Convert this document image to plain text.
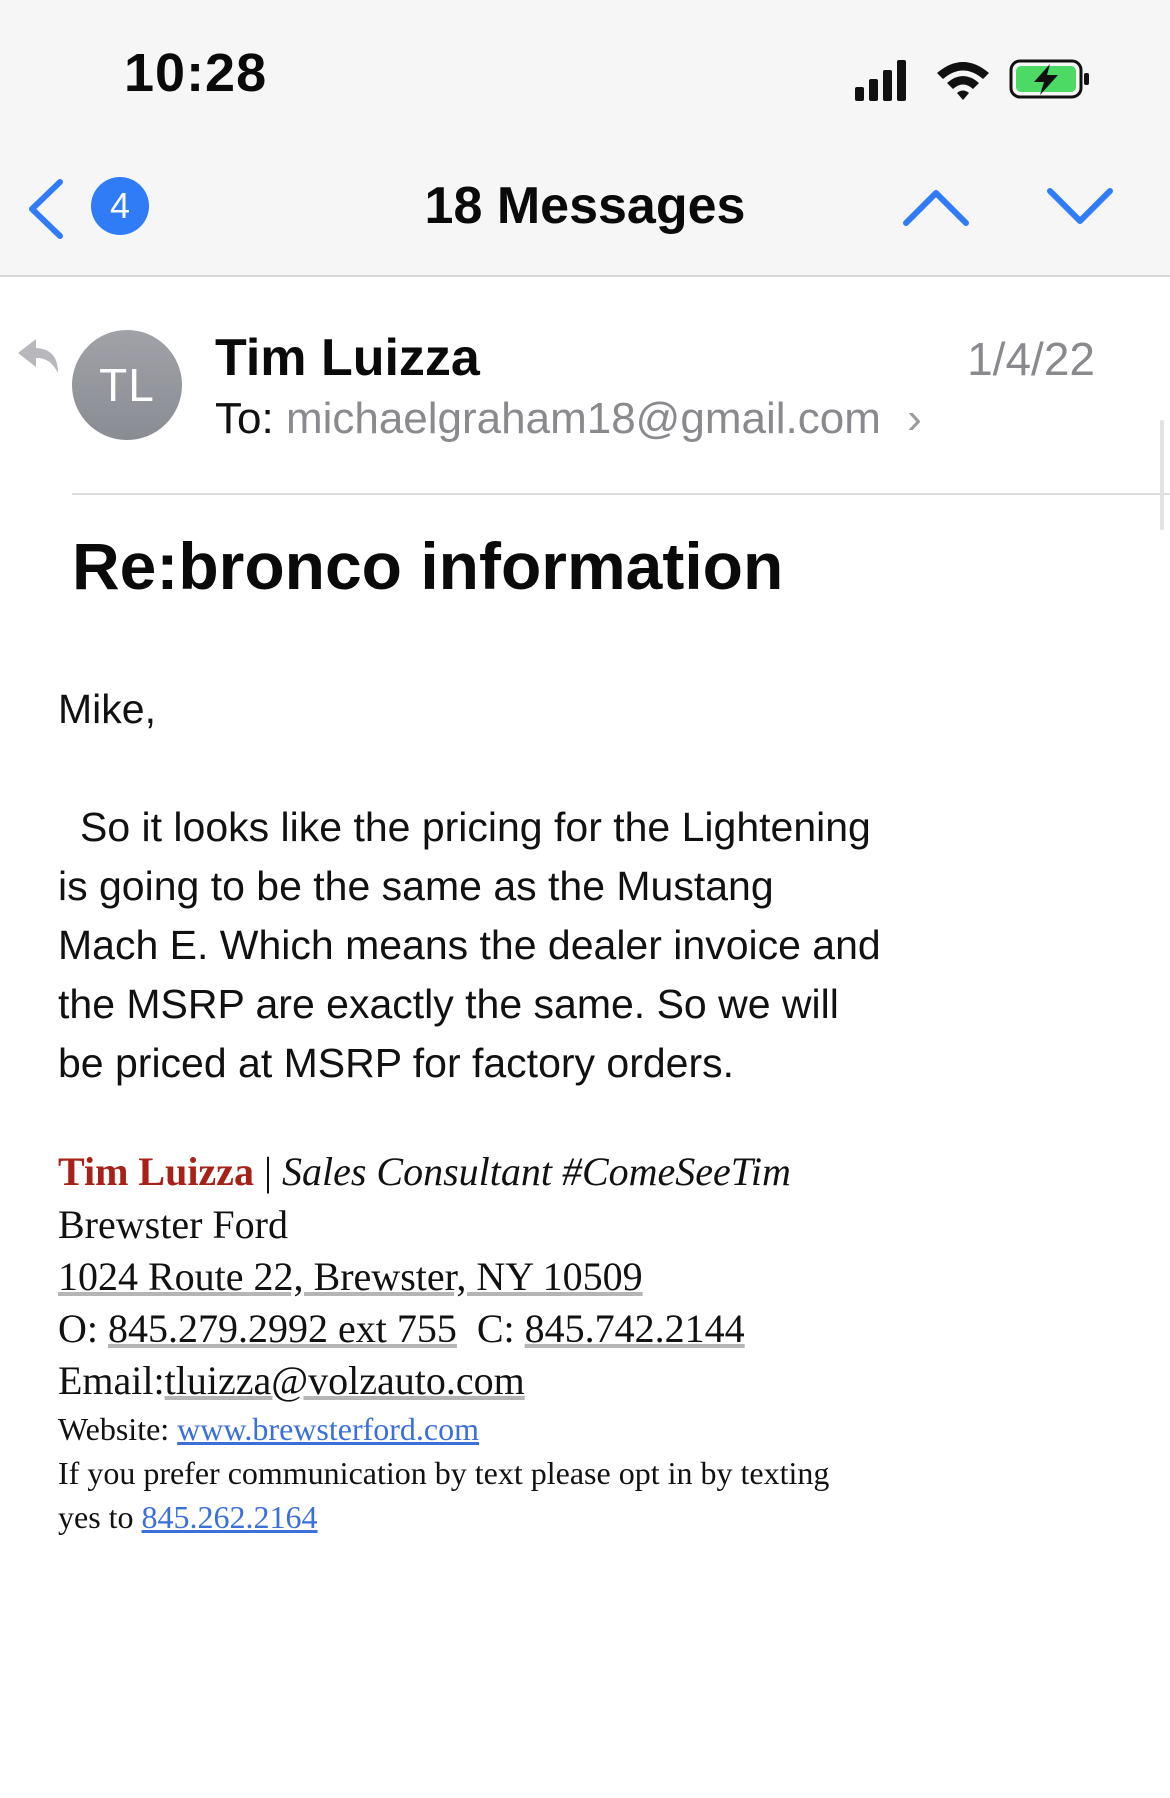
10:28
4	18 Messages
TL	Tim Luizza	1/4/22
To: michaelgraham18@gmail.com ›
Re:bronco information

Mike,

So it looks like the pricing for the Lightening

is going to be the same as the Mustang

Mach E. Which means the dealer invoice and

the MSRP are exactly the same. So we will

be priced at MSRP for factory orders.

Tim Luizza | Sales Consultant #ComeSeeTim
Brewster Ford
1024 Route 22, Brewster, NY 10509
O: 845.279.2992 ext 755 C: 845.742.2144
Email:tluizza@volzauto.com
Website: www.brewsterford.com
If you prefer communication by text please opt in by texting
yes to 845.262.2164
